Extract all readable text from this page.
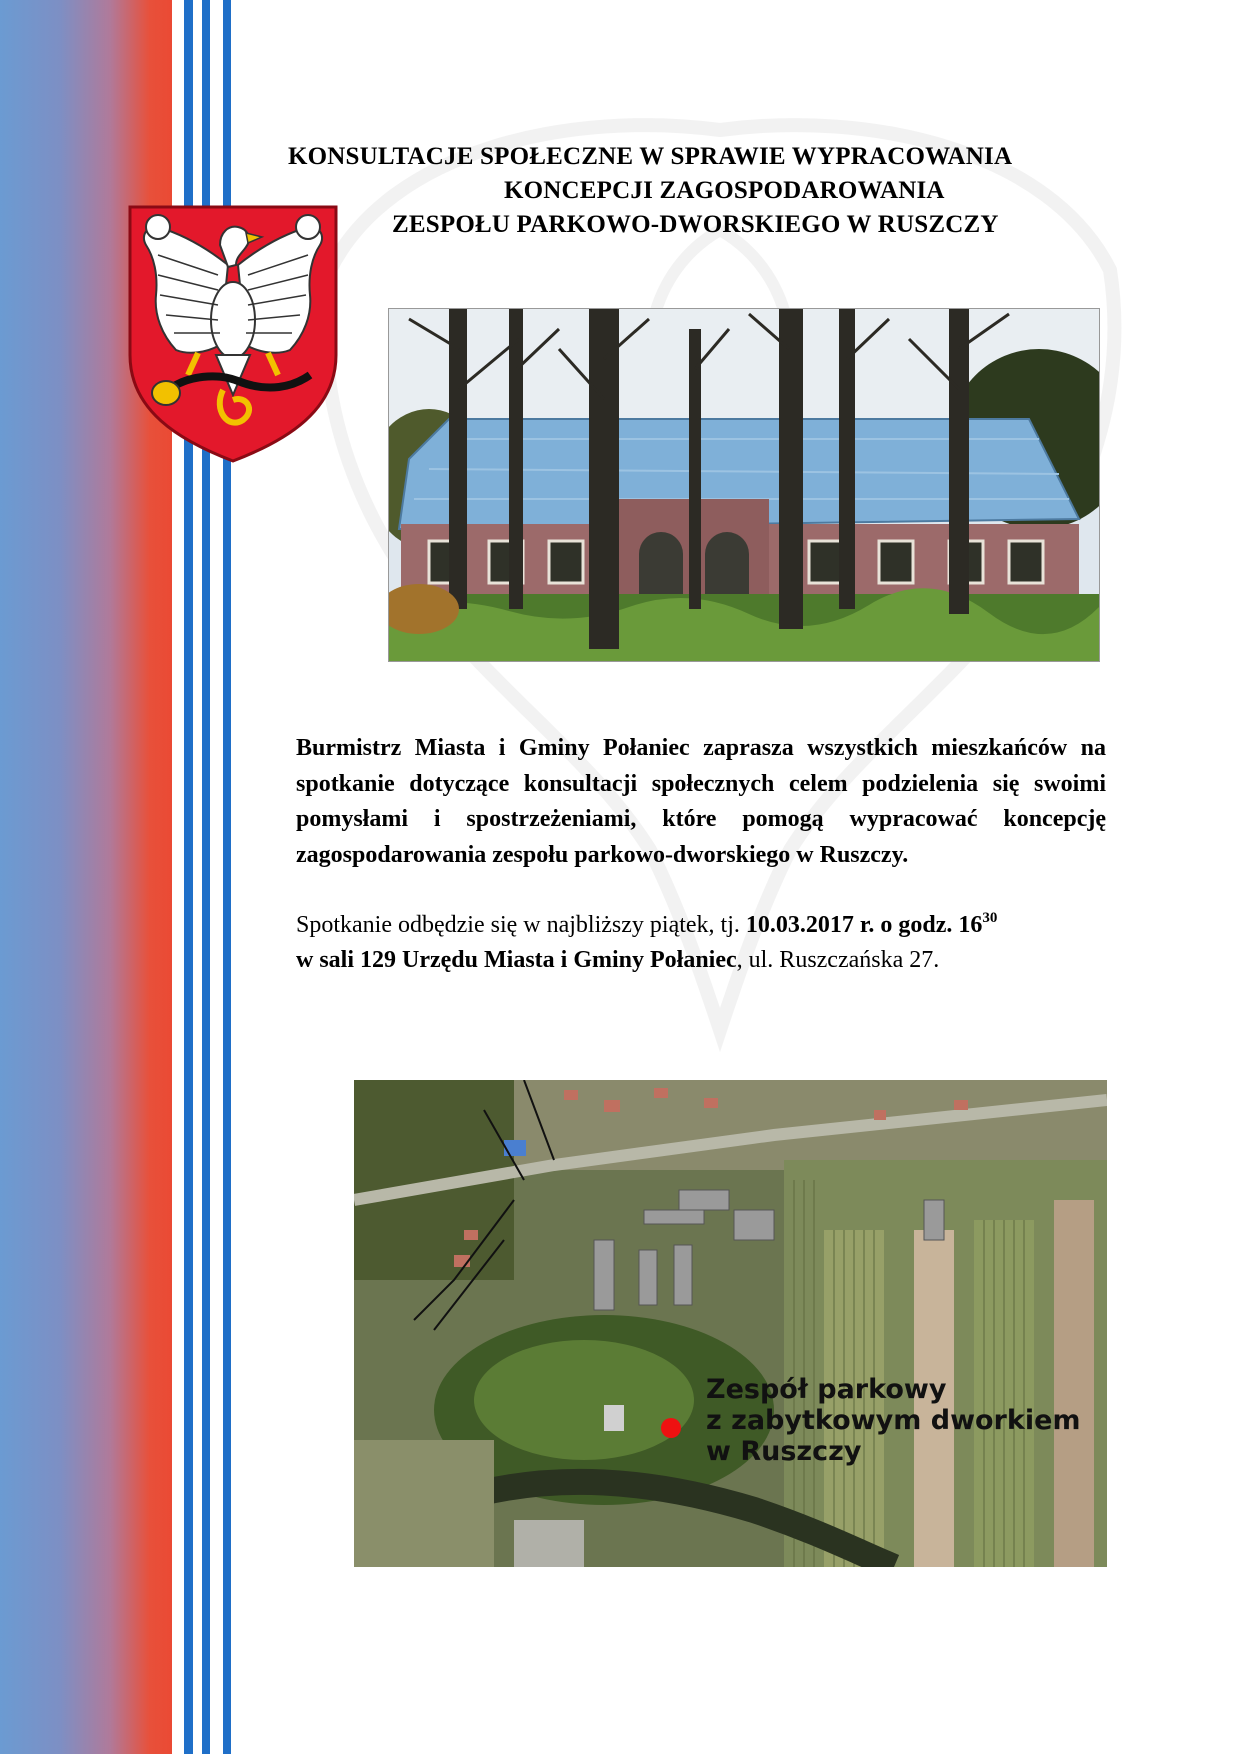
KONSULTACJE SPOŁECZNE W SPRAWIE WYPRACOWANIA
KONCEPCJI ZAGOSPODAROWANIA
ZESPOŁU PARKOWO-DWORSKIEGO W RUSZCZY
Burmistrz Miasta i Gminy Połaniec zaprasza wszystkich mieszkańców na spotkanie dotyczące konsultacji społecznych celem podzielenia się swoimi pomysłami i spostrzeżeniami, które pomogą wypracować koncepcję zagospodarowania zespołu parkowo-dworskiego w Ruszczy.
Spotkanie odbędzie się w najbliższy piątek, tj. 10.03.2017 r. o godz. $16^{30}$
w sali 129 Urzędu Miasta i Gminy Połaniec, ul. Ruszczańska 27.
Zespół parkowy
z zabytkowym dworkiem
w Ruszczy
